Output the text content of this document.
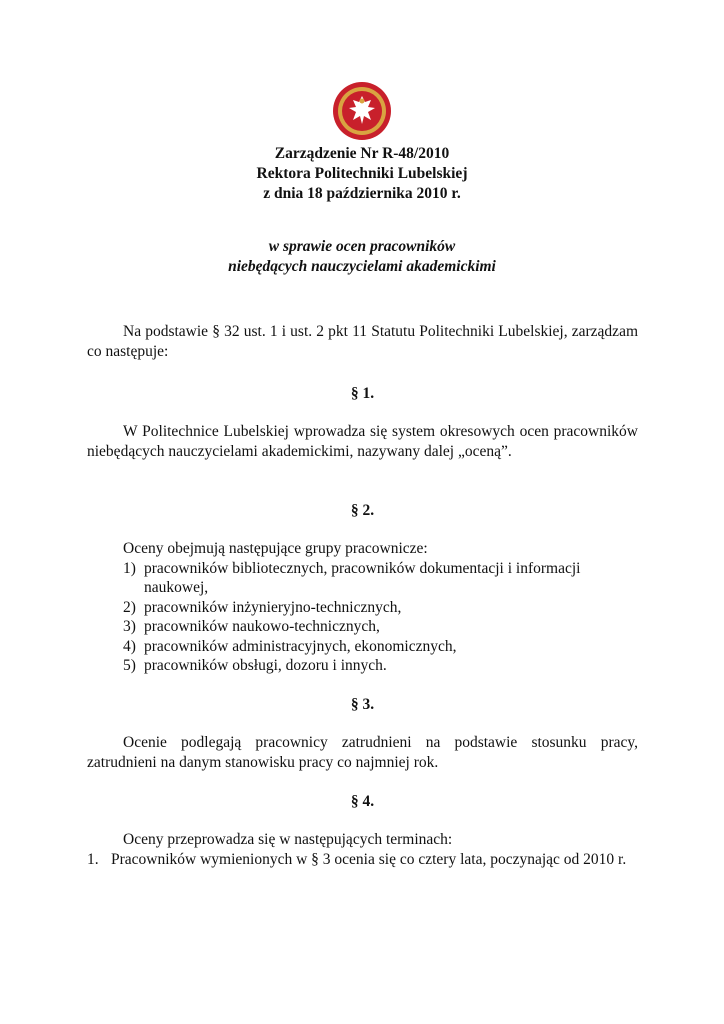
Zarządzenie Nr R-48/2010
Rektora Politechniki Lubelskiej
z dnia 18 października 2010 r.
w sprawie ocen pracowników
niebędących nauczycielami akademickimi

Na podstawie § 32 ust. 1 i ust. 2 pkt 11 Statutu Politechniki Lubelskiej, zarządzam co następuje:

§ 1.

W Politechnice Lubelskiej wprowadza się system okresowych ocen pracowników niebędących nauczycielami akademickimi, nazywany dalej „oceną”.

§ 2.

Oceny obejmują następujące grupy pracownicze:

1) pracowników bibliotecznych, pracowników dokumentacji i informacji naukowej,
2) pracowników inżynieryjno-technicznych,
3) pracowników naukowo-technicznych,
4) pracowników administracyjnych, ekonomicznych,
5) pracowników obsługi, dozoru i innych.

§ 3.

Ocenie podlegają pracownicy zatrudnieni na podstawie stosunku pracy, zatrudnieni na danym stanowisku pracy co najmniej rok.

§ 4.

Oceny przeprowadza się w następujących terminach:

1. Pracowników wymienionych w § 3 ocenia się co cztery lata, poczynając od 2010 r.
